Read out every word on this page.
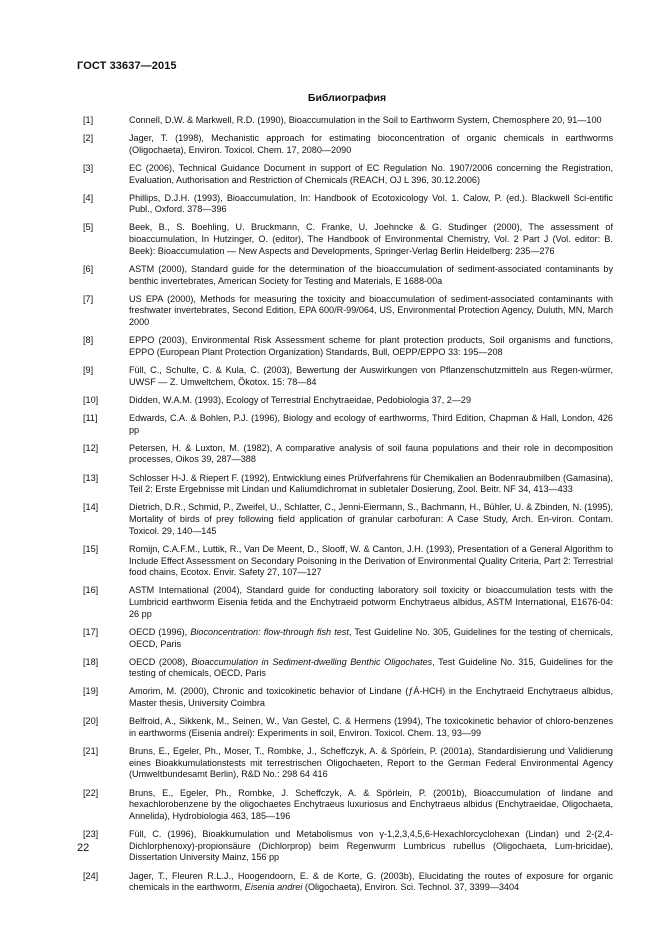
ГОСТ 33637—2015
Библиография
[1]	Connell, D.W. & Markwell, R.D. (1990), Bioaccumulation in the Soil to Earthworm System, Chemosphere 20, 91—100
[2]	Jager, T. (1998), Mechanistic approach for estimating bioconcentration of organic chemicals in earthworms (Oligochaeta), Environ. Toxicol. Chem. 17, 2080—2090
[3]	EC (2006), Technical Guidance Document in support of EC Regulation No. 1907/2006 concerning the Registration, Evaluation, Authorisation and Restriction of Chemicals (REACH, OJ L 396, 30.12.2006)
[4]	Phillips, D.J.H. (1993), Bioaccumulation, In: Handbook of Ecotoxicology Vol. 1. Calow, P. (ed.). Blackwell Sci-entific Publ., Oxford. 378—396
[5]	Beek, B., S. Boehling, U. Bruckmann, C. Franke, U. Joehncke & G. Studinger (2000), The assessment of bioaccumulation, In Hutzinger, O. (editor), The Handbook of Environmental Chemistry, Vol. 2 Part J (Vol. editor: B. Beek): Bioaccumulation — New Aspects and Developments, Springer-Verlag Berlin Heidelberg: 235—276
[6]	ASTM (2000), Standard guide for the determination of the bioaccumulation of sediment-associated contaminants by benthic invertebrates, American Society for Testing and Materials, E 1688-00a
[7]	US EPA (2000), Methods for measuring the toxicity and bioaccumulation of sediment-associated contaminants with freshwater invertebrates, Second Edition, EPA 600/R-99/064, US, Environmental Protection Agency, Duluth, MN, March 2000
[8]	EPPO (2003), Environmental Risk Assessment scheme for plant protection products, Soil organisms and functions, EPPO (European Plant Protection Organization) Standards, Bull, OEPP/EPPO 33: 195—208
[9]	Füll, C., Schulte, C. & Kula, C. (2003), Bewertung der Auswirkungen von Pflanzenschutzmitteln aus Regen-würmer, UWSF — Z. Umweltchem, Ökotox. 15: 78—84
[10]	Didden, W.A.M. (1993), Ecology of Terrestrial Enchytraeidae, Pedobiologia 37, 2—29
[11]	Edwards, C.A. & Bohlen, P.J. (1996), Biology and ecology of earthworms, Third Edition, Chapman & Hall, London, 426 pp
[12]	Petersen, H. & Luxton, M. (1982), A comparative analysis of soil fauna populations and their role in decomposition processes, Oikos 39, 287—388
[13]	Schlosser H-J. & Riepert F. (1992), Entwicklung eines Prüfverfahrens für Chemikalien an Bodenraubmilben (Gamasina), Teil 2: Erste Ergebnisse mit Lindan und Kaliumdichromat in subletaler Dosierung, Zool. Beitr. NF 34, 413—433
[14]	Dietrich, D.R., Schmid, P., Zweifel, U., Schlatter, C., Jenni-Eiermann, S., Bachmann, H., Bühler, U. & Zbinden, N. (1995), Mortality of birds of prey following field application of granular carbofuran: A Case Study, Arch. En-viron. Contam. Toxicol. 29, 140—145
[15]	Romijn, C.A.F.M., Luttik, R., Van De Meent, D., Slooff, W. & Canton, J.H. (1993), Presentation of a General Algorithm to Include Effect Assessment on Secondary Poisoning in the Derivation of Environmental Quality Criteria, Part 2: Terrestrial food chains, Ecotox. Envir. Safety 27, 107—127
[16]	ASTM International (2004), Standard guide for conducting laboratory soil toxicity or bioaccumulation tests with the Lumbricid earthworm Eisenia fetida and the Enchytraeid potworm Enchytraeus albidus, ASTM International, E1676-04: 26 pp
[17]	OECD (1996), Bioconcentration: flow-through fish test, Test Guideline No. 305, Guidelines for the testing of chemicals, OECD, Paris
[18]	OECD (2008), Bioaccumulation in Sediment-dwelling Benthic Oligochates, Test Guideline No. 315, Guidelines for the testing of chemicals, OECD, Paris
[19]	Amorim, M. (2000), Chronic and toxicokinetic behavior of Lindane (ƒÁ-HCH) in the Enchytraeid Enchytraeus albidus, Master thesis, University Coimbra
[20]	Belfroid, A., Sikkenk, M., Seinen, W., Van Gestel, C. & Hermens (1994), The toxicokinetic behavior of chloro-benzenes in earthworms (Eisenia andrei): Experiments in soil, Environ. Toxicol. Chem. 13, 93—99
[21]	Bruns, E., Egeler, Ph., Moser, T., Rombke, J., Scheffczyk, A. & Spörlein, P. (2001a), Standardisierung und Validierung eines Bioakkumulationstests mit terrestrischen Oligochaeten, Report to the German Federal Environmental Agency (Umweltbundesamt Berlin), R&D No.: 298 64 416
[22]	Bruns, E., Egeler, Ph., Rombke, J. Scheffczyk, A. & Spörlein, P. (2001b), Bioaccumulation of lindane and hexachlorobenzene by the oligochaetes Enchytraeus luxuriosus and Enchytraeus albidus (Enchytraeidae, Oligochaeta, Annelida), Hydrobiologia 463, 185—196
[23]	Füll, C. (1996), Bioakkumulation und Metabolismus von γ-1,2,3,4,5,6-Hexachlorcyclohexan (Lindan) und 2-(2,4-Dichlorphenoxy)-propionsäure (Dichlorprop) beim Regenwurm Lumbricus rubellus (Oligochaeta, Lum-bricidae), Dissertation University Mainz, 156 pp
[24]	Jager, T., Fleuren R.L.J., Hoogendoorn, E. & de Korte, G. (2003b), Elucidating the routes of exposure for organic chemicals in the earthworm, Eisenia andrei (Oligochaeta), Environ. Sci. Technol. 37, 3399—3404
22
